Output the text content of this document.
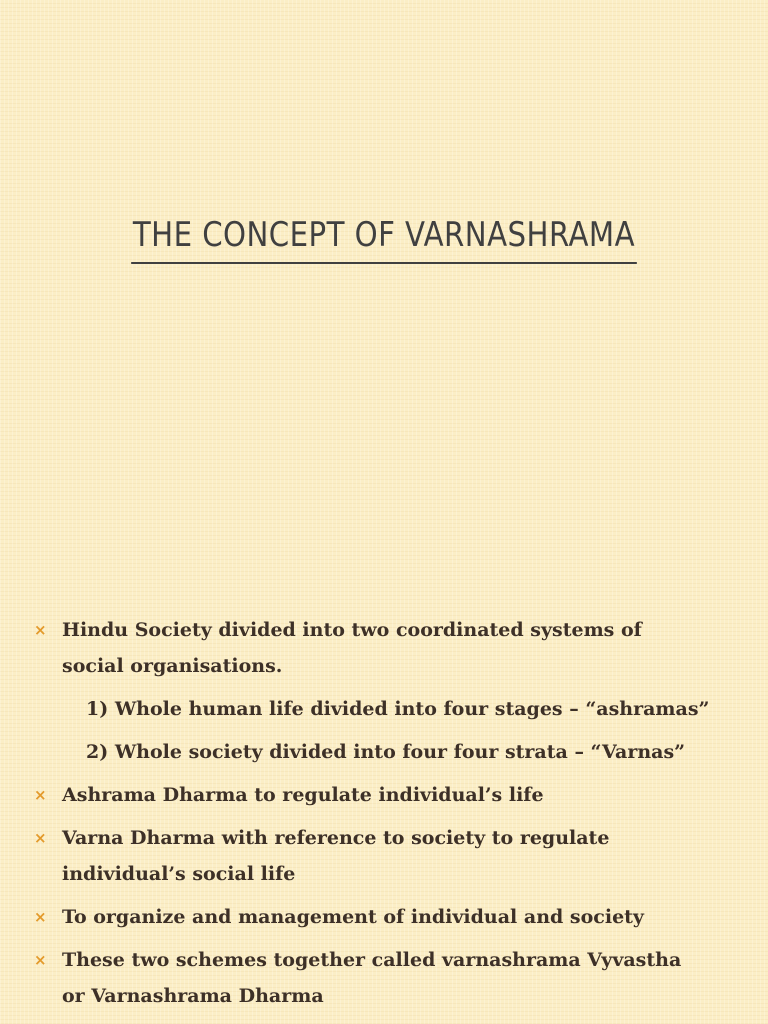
THE CONCEPT OF VARNASHRAMA
× Hindu Society divided into two coordinated systems of social organisations.
1) Whole human life divided into four stages – “ashramas”
2) Whole society divided into four four strata – “Varnas”
× Ashrama Dharma to regulate individual’s life
× Varna Dharma with reference to society to regulate individual’s social life
× To organize and management of individual and society
× These two schemes together called varnashrama Vyvastha or Varnashrama Dharma
